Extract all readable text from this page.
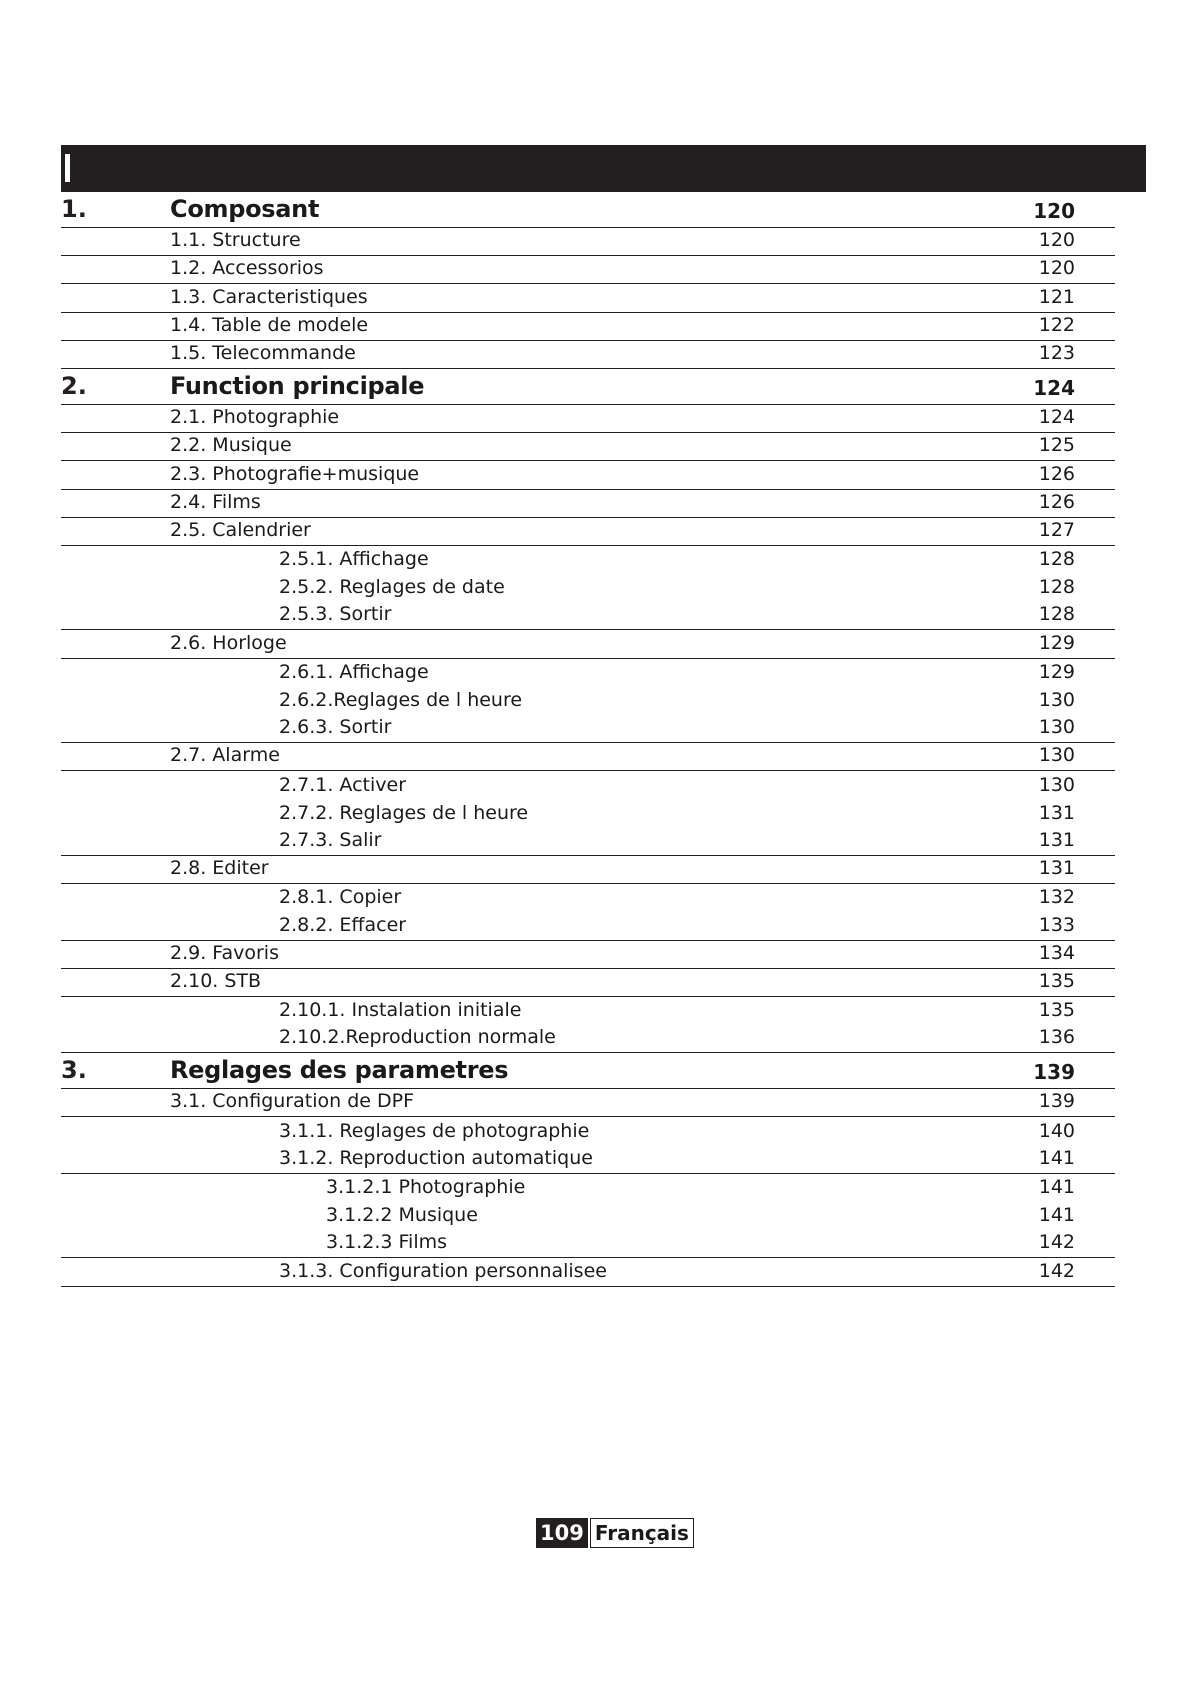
1.	Composant	120
1.1. Structure	120
1.2. Accessorios	120
1.3. Caracteristiques	121
1.4. Table de modele	122
1.5. Telecommande	123
2.	Function principale	124
2.1. Photographie	124
2.2. Musique	125
2.3. Photografie+musique	126
2.4. Films	126
2.5. Calendrier	127
2.5.1. Affichage	128
2.5.2. Reglages de date	128
2.5.3. Sortir	128
2.6. Horloge	129
2.6.1. Affichage	129
2.6.2.Reglages de l heure	130
2.6.3. Sortir	130
2.7. Alarme	130
2.7.1. Activer	130
2.7.2. Reglages de l heure	131
2.7.3. Salir	131
2.8. Editer	131
2.8.1. Copier	132
2.8.2. Effacer	133
2.9. Favoris	134
2.10. STB	135
2.10.1. Instalation initiale	135
2.10.2.Reproduction normale	136
3.	Reglages des parametres	139
3.1. Configuration de DPF	139
3.1.1. Reglages de photographie	140
3.1.2. Reproduction automatique	141
3.1.2.1 Photographie	141
3.1.2.2 Musique	141
3.1.2.3 Films	142
3.1.3. Configuration personnalisee	142
109 Français
